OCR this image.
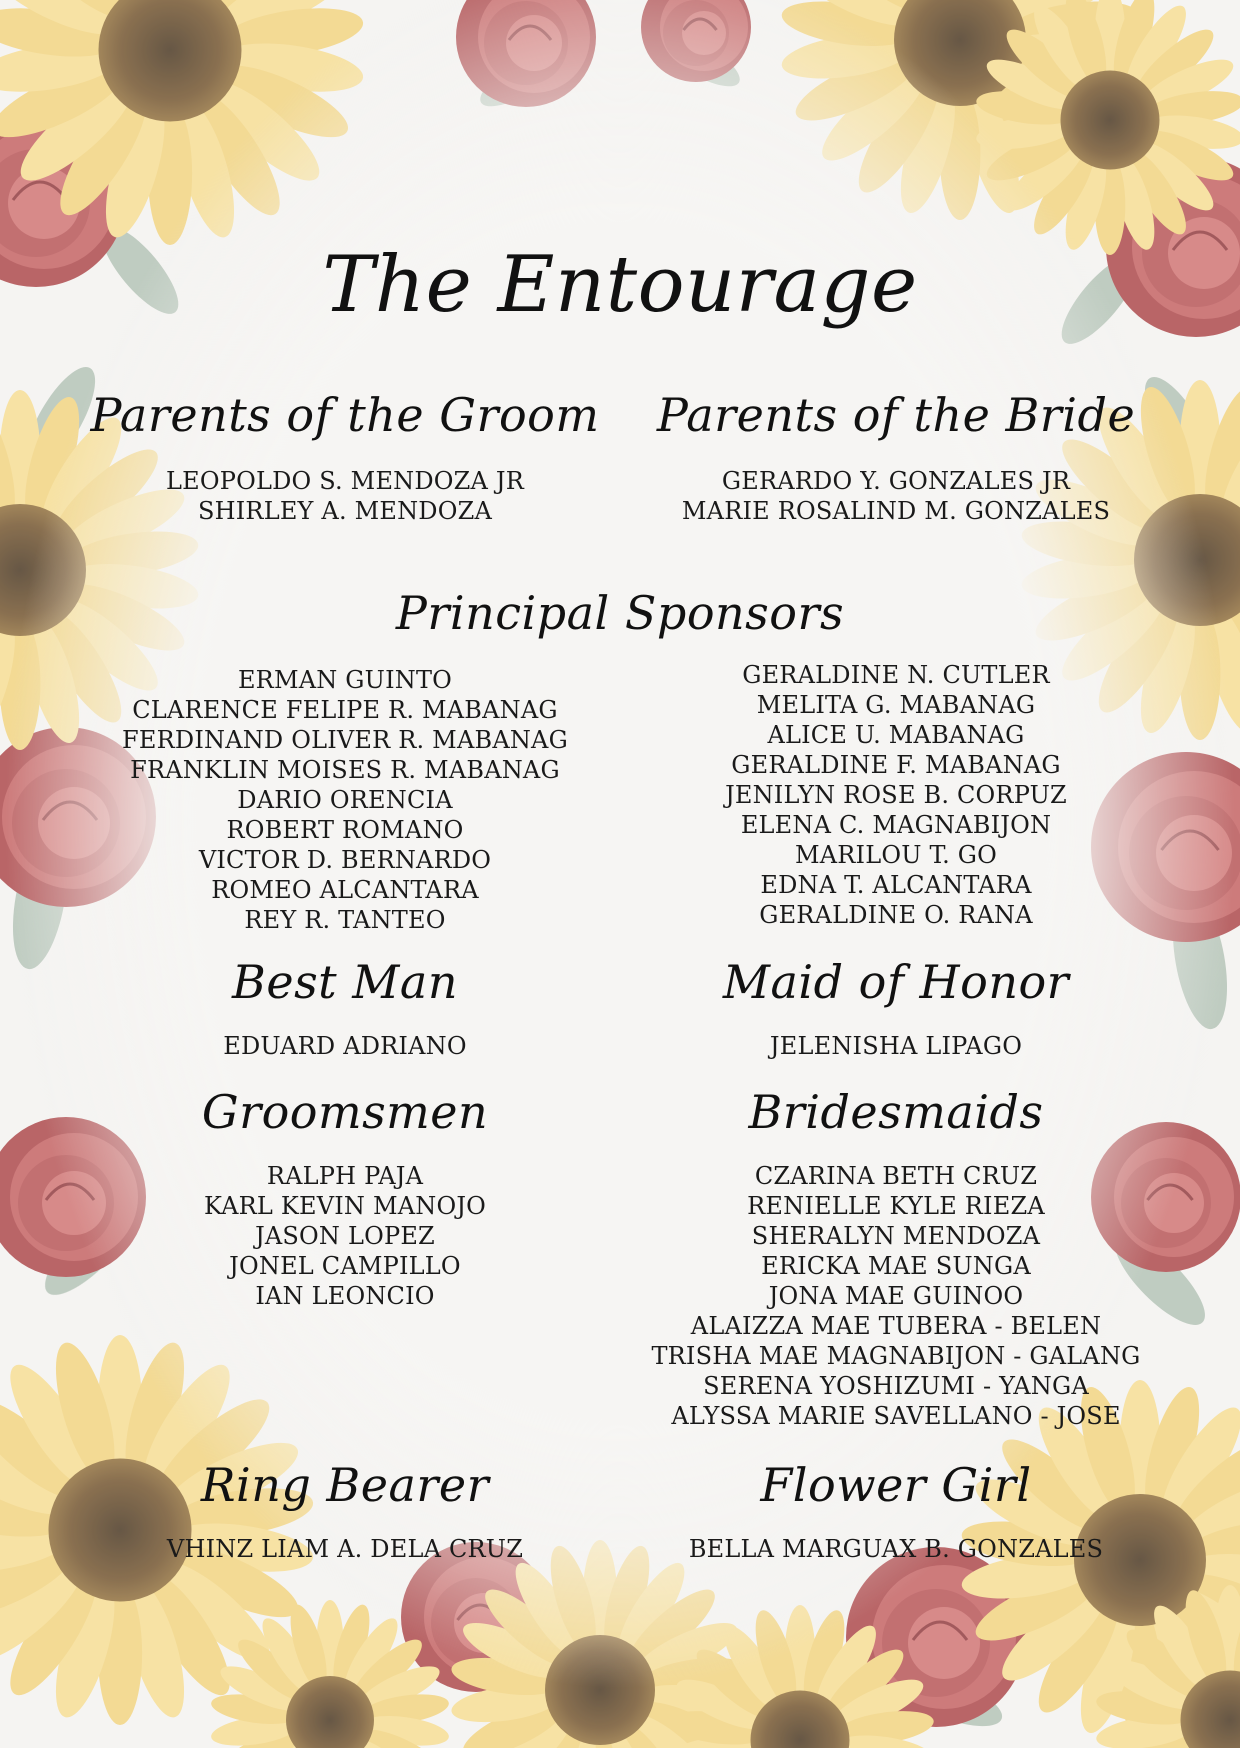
The Entourage
Parents of the Groom
LEOPOLDO S. MENDOZA JR
SHIRLEY A. MENDOZA
Parents of the Bride
GERARDO Y. GONZALES JR
MARIE ROSALIND M. GONZALES
Principal Sponsors
ERMAN GUINTO
CLARENCE FELIPE R. MABANAG
FERDINAND OLIVER R. MABANAG
FRANKLIN MOISES R. MABANAG
DARIO ORENCIA
ROBERT ROMANO
VICTOR D. BERNARDO
ROMEO ALCANTARA
REY R. TANTEO
GERALDINE N. CUTLER
MELITA G. MABANAG
ALICE U. MABANAG
GERALDINE F. MABANAG
JENILYN ROSE B. CORPUZ
ELENA C. MAGNABIJON
MARILOU T. GO
EDNA T. ALCANTARA
GERALDINE O. RANA
Best Man
EDUARD ADRIANO
Maid of Honor
JELENISHA LIPAGO
Groomsmen
RALPH PAJA
KARL KEVIN MANOJO
JASON LOPEZ
JONEL CAMPILLO
IAN LEONCIO
Bridesmaids
CZARINA BETH CRUZ
RENIELLE KYLE RIEZA
SHERALYN MENDOZA
ERICKA MAE SUNGA
JONA MAE GUINOO
ALAIZZA MAE TUBERA - BELEN
TRISHA MAE MAGNABIJON - GALANG
SERENA YOSHIZUMI - YANGA
ALYSSA MARIE SAVELLANO - JOSE
Ring Bearer
VHINZ LIAM A. DELA CRUZ
Flower Girl
BELLA MARGUAX B. GONZALES
